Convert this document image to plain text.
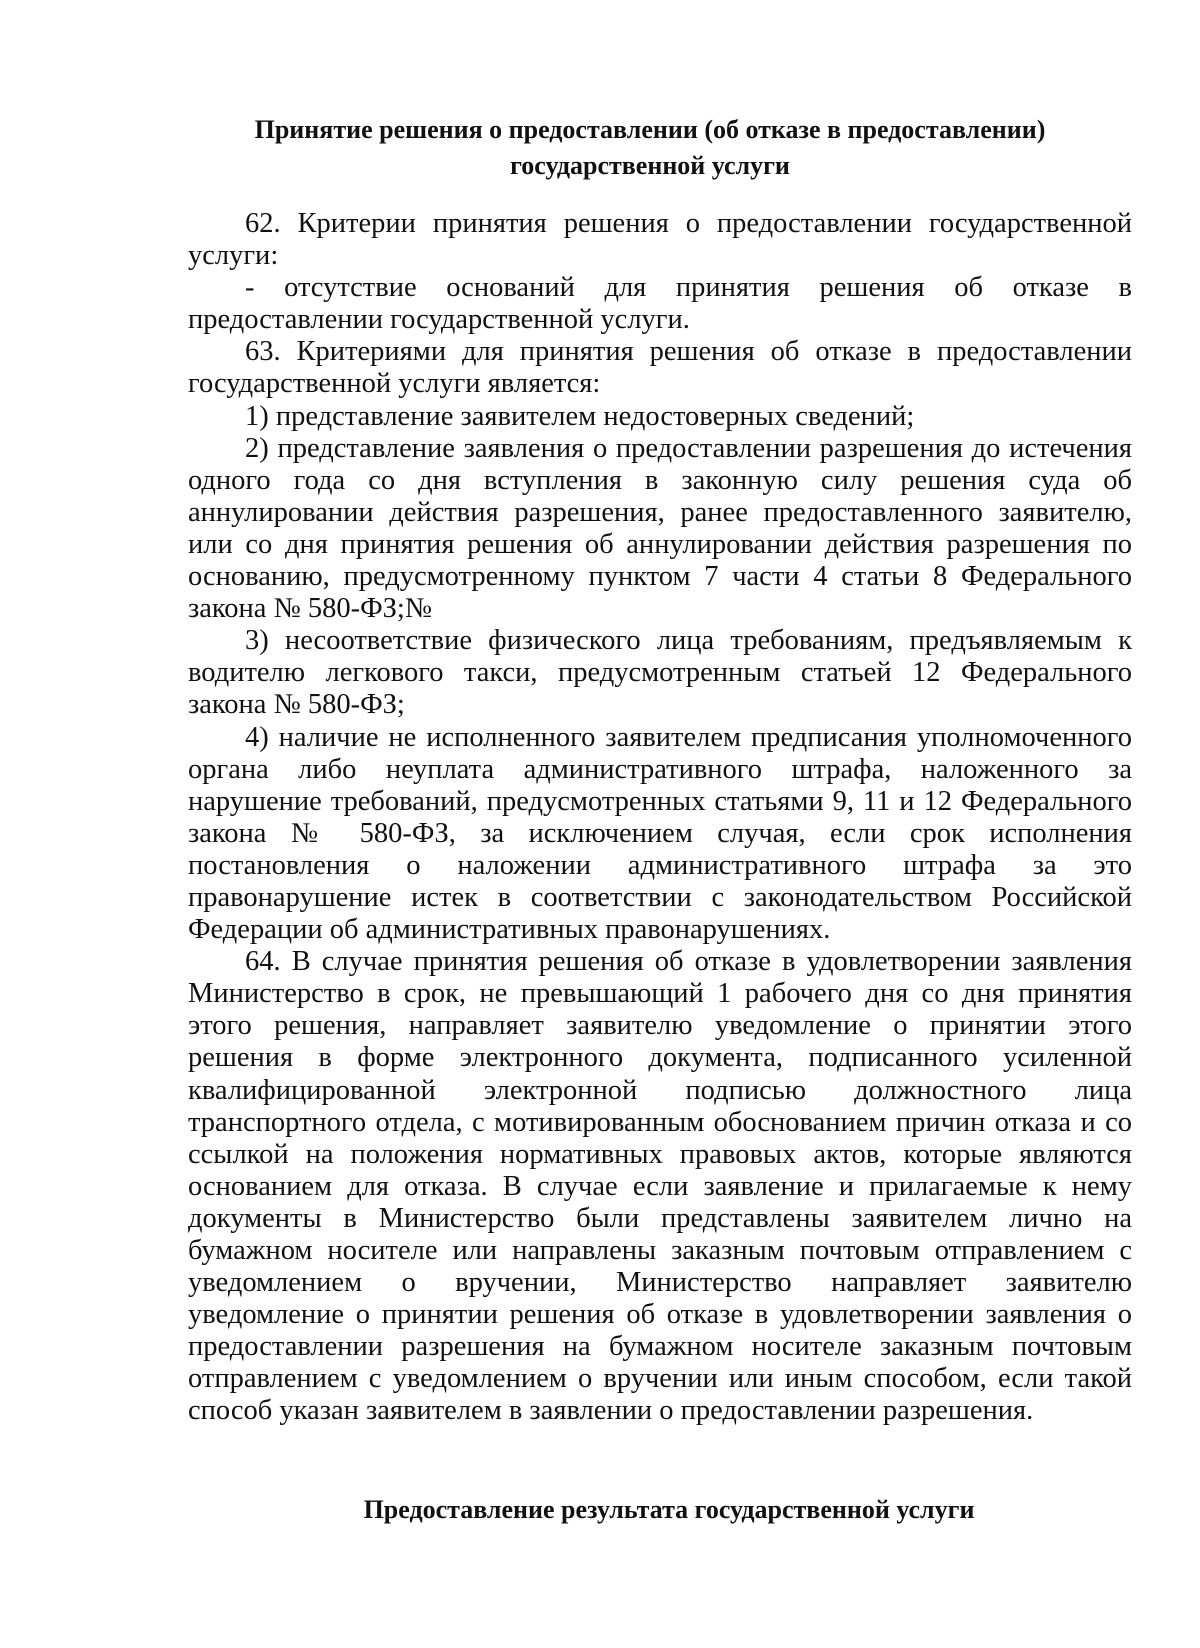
Принятие решения о предоставлении (об отказе в предоставлении) государственной услуги

62. Критерии принятия решения о предоставлении государственной услуги:

- отсутствие оснований для принятия решения об отказе в предоставлении государственной услуги.

63. Критериями для принятия решения об отказе в предоставлении государственной услуги является:

1) представление заявителем недостоверных сведений;

2) представление заявления о предоставлении разрешения до истечения одного года со дня вступления в законную силу решения суда об аннулировании действия разрешения, ранее предоставленного заявителю, или со дня принятия решения об аннулировании действия разрешения по основанию, предусмотренному пунктом 7 части 4 статьи 8 Федерального закона № 580-ФЗ;№

3) несоответствие физического лица требованиям, предъявляемым к водителю легкового такси, предусмотренным статьей 12 Федерального закона № 580-ФЗ;

4) наличие не исполненного заявителем предписания уполномоченного органа либо неуплата административного штрафа, наложенного за нарушение требований, предусмотренных статьями 9, 11 и 12 Федерального закона № 580-ФЗ, за исключением случая, если срок исполнения постановления о наложении административного штрафа за это правонарушение истек в соответствии с законодательством Российской Федерации об административных правонарушениях.

64. В случае принятия решения об отказе в удовлетворении заявления Министерство в срок, не превышающий 1 рабочего дня со дня принятия этого решения, направляет заявителю уведомление о принятии этого решения в форме электронного документа, подписанного усиленной квалифицированной электронной подписью должностного лица транспортного отдела, с мотивированным обоснованием причин отказа и со ссылкой на положения нормативных правовых актов, которые являются основанием для отказа. В случае если заявление и прилагаемые к нему документы в Министерство были представлены заявителем лично на бумажном носителе или направлены заказным почтовым отправлением с уведомлением о вручении, Министерство направляет заявителю уведомление о принятии решения об отказе в удовлетворении заявления о предоставлении разрешения на бумажном носителе заказным почтовым отправлением с уведомлением о вручении или иным способом, если такой способ указан заявителем в заявлении о предоставлении разрешения.

Предоставление результата государственной услуги
